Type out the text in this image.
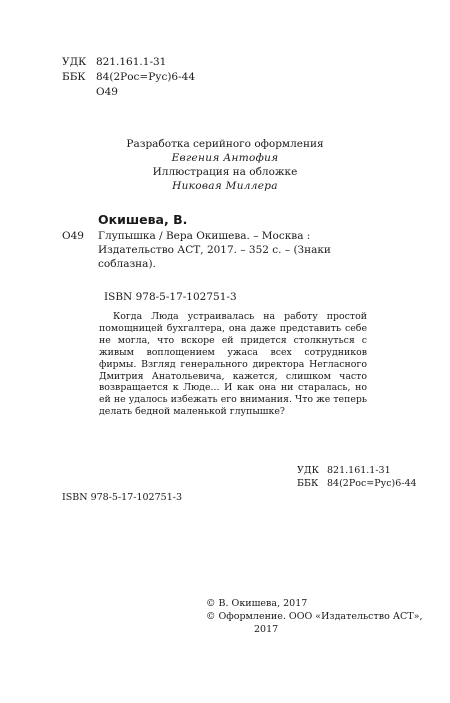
УДК 821.161.1-31
ББК 84(2Рос=Рус)6-44
О49
Разработка серийного оформления
Евгения Антофия
Иллюстрация на обложке
Никовая Миллера
Окишева, В.
О49	Глупышка / Вера Окишева. – Москва : Издательство АСТ, 2017. – 352 с. – (Знаки соблазна).
ISBN 978-5-17-102751-3

Когда Люда устраивалась на работу простой помощницей бухгалтера, она даже представить себе не могла, что вскоре ей придется столкнуться с живым воплощением ужаса всех сотрудников фирмы. Взгляд генерального директора Негласного Дмитрия Анатольевича, кажется, слишком часто возвращается к Люде... И как она ни старалась, но ей не удалось избежать его внимания. Что же теперь делать бедной маленькой глупышке?

УДК 821.161.1-31
ББК 84(2Рос=Рус)6-44
ISBN 978-5-17-102751-3
© В. Окишева, 2017
© Оформление. ООО «Издательство АСТ»,
2017
